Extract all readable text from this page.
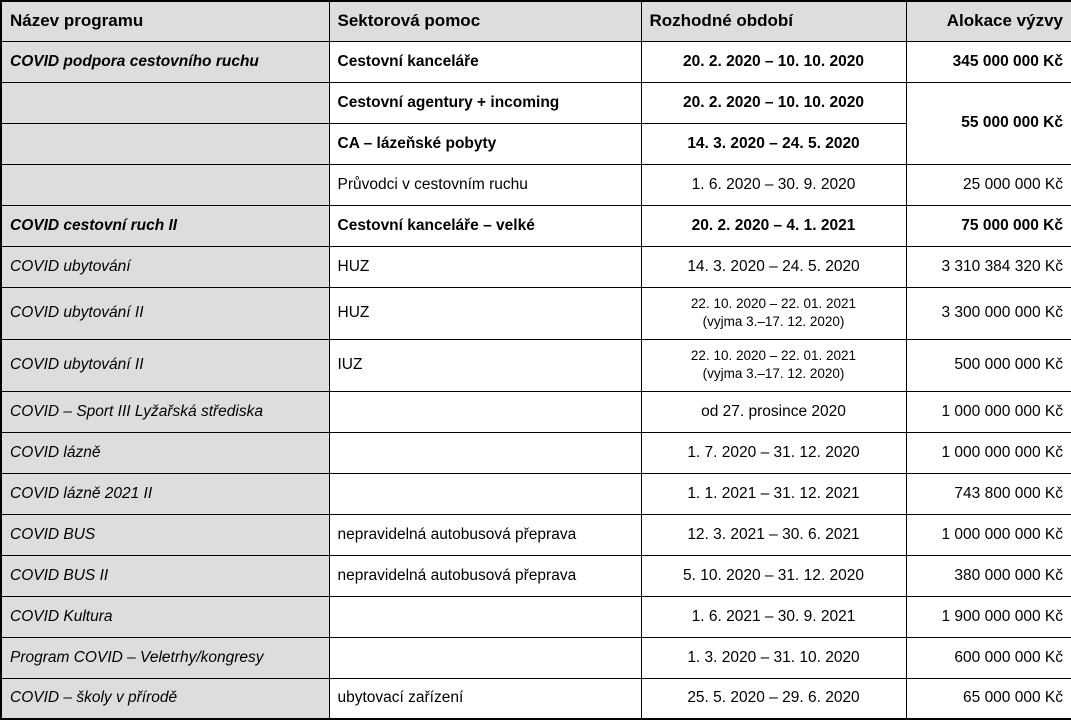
Název programu	Sektorová pomoc	Rozhodné období	Alokace výzvy
COVID podpora cestovního ruchu	Cestovní kanceláře	20. 2. 2020 – 10. 10. 2020	345 000 000 Kč
	Cestovní agentury + incoming	20. 2. 2020 – 10. 10. 2020	55 000 000 Kč
	CA – lázeňské pobyty	14. 3. 2020 – 24. 5. 2020	
	Průvodci v cestovním ruchu	1. 6. 2020 – 30. 9. 2020	25 000 000 Kč
COVID cestovní ruch II	Cestovní kanceláře – velké	20. 2. 2020 – 4. 1. 2021	75 000 000 Kč
COVID ubytování	HUZ	14. 3. 2020 – 24. 5. 2020	3 310 384 320 Kč
COVID ubytování II	HUZ	22. 10. 2020 – 22. 01. 2021
(vyjma 3.–17. 12. 2020)	3 300 000 000 Kč
COVID ubytování II	IUZ	22. 10. 2020 – 22. 01. 2021
(vyjma 3.–17. 12. 2020)	500 000 000 Kč
COVID – Sport III Lyžařská střediska		od 27. prosince 2020	1 000 000 000 Kč
COVID lázně		1. 7. 2020 – 31. 12. 2020	1 000 000 000 Kč
COVID lázně 2021 II		1. 1. 2021 – 31. 12. 2021	743 800 000 Kč
COVID BUS	nepravidelná autobusová přeprava	12. 3. 2021 – 30. 6. 2021	1 000 000 000 Kč
COVID BUS II	nepravidelná autobusová přeprava	5. 10. 2020 – 31. 12. 2020	380 000 000 Kč
COVID Kultura		1. 6. 2021 – 30. 9. 2021	1 900 000 000 Kč
Program COVID – Veletrhy/kongresy		1. 3. 2020 – 31. 10. 2020	600 000 000 Kč
COVID – školy v přírodě	ubytovací zařízení	25. 5. 2020 – 29. 6. 2020	65 000 000 Kč
